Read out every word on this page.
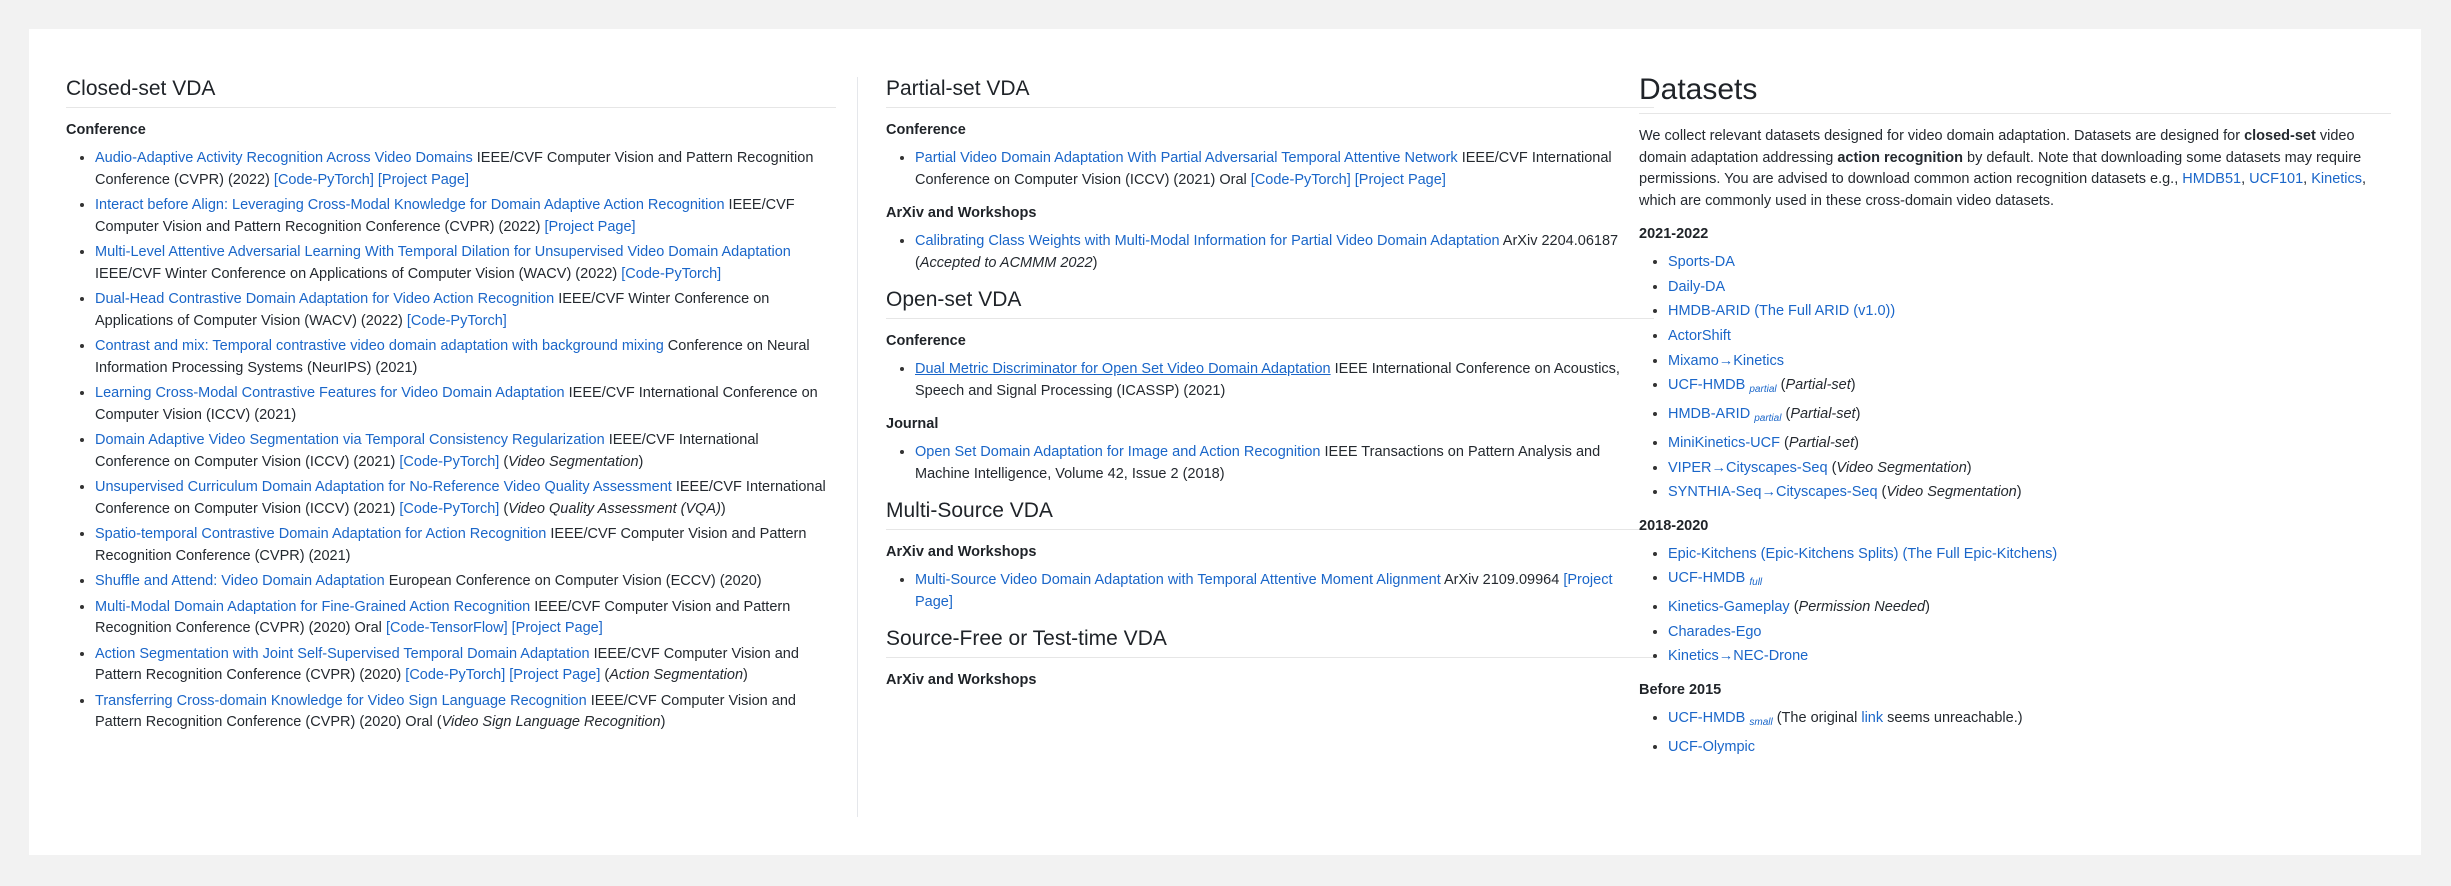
Closed-set VDA
Conference
• Audio-Adaptive Activity Recognition Across Video Domains IEEE/CVF Computer Vision and Pattern Recognition Conference (CVPR) (2022) [Code-PyTorch] [Project Page]
• Interact before Align: Leveraging Cross-Modal Knowledge for Domain Adaptive Action Recognition IEEE/CVF Computer Vision and Pattern Recognition Conference (CVPR) (2022) [Project Page]
• Multi-Level Attentive Adversarial Learning With Temporal Dilation for Unsupervised Video Domain Adaptation IEEE/CVF Winter Conference on Applications of Computer Vision (WACV) (2022) [Code-PyTorch]
• Dual-Head Contrastive Domain Adaptation for Video Action Recognition IEEE/CVF Winter Conference on Applications of Computer Vision (WACV) (2022) [Code-PyTorch]
• Contrast and mix: Temporal contrastive video domain adaptation with background mixing Conference on Neural Information Processing Systems (NeurIPS) (2021)
• Learning Cross-Modal Contrastive Features for Video Domain Adaptation IEEE/CVF International Conference on Computer Vision (ICCV) (2021)
• Domain Adaptive Video Segmentation via Temporal Consistency Regularization IEEE/CVF International Conference on Computer Vision (ICCV) (2021) [Code-PyTorch] (Video Segmentation)
• Unsupervised Curriculum Domain Adaptation for No-Reference Video Quality Assessment IEEE/CVF International Conference on Computer Vision (ICCV) (2021) [Code-PyTorch] (Video Quality Assessment (VQA))
• Spatio-temporal Contrastive Domain Adaptation for Action Recognition IEEE/CVF Computer Vision and Pattern Recognition Conference (CVPR) (2021)
• Shuffle and Attend: Video Domain Adaptation European Conference on Computer Vision (ECCV) (2020)
• Multi-Modal Domain Adaptation for Fine-Grained Action Recognition IEEE/CVF Computer Vision and Pattern Recognition Conference (CVPR) (2020) Oral [Code-TensorFlow] [Project Page]
• Action Segmentation with Joint Self-Supervised Temporal Domain Adaptation IEEE/CVF Computer Vision and Pattern Recognition Conference (CVPR) (2020) [Code-PyTorch] [Project Page] (Action Segmentation)
• Transferring Cross-domain Knowledge for Video Sign Language Recognition IEEE/CVF Computer Vision and Pattern Recognition Conference (CVPR) (2020) Oral (Video Sign Language Recognition)
Partial-set VDA
Conference
• Partial Video Domain Adaptation With Partial Adversarial Temporal Attentive Network IEEE/CVF International Conference on Computer Vision (ICCV) (2021) Oral [Code-PyTorch] [Project Page]
ArXiv and Workshops
• Calibrating Class Weights with Multi-Modal Information for Partial Video Domain Adaptation ArXiv 2204.06187 (Accepted to ACMMM 2022)
Open-set VDA
Conference
• Dual Metric Discriminator for Open Set Video Domain Adaptation IEEE International Conference on Acoustics, Speech and Signal Processing (ICASSP) (2021)
Journal
• Open Set Domain Adaptation for Image and Action Recognition IEEE Transactions on Pattern Analysis and Machine Intelligence, Volume 42, Issue 2 (2018)
Multi-Source VDA
ArXiv and Workshops
• Multi-Source Video Domain Adaptation with Temporal Attentive Moment Alignment ArXiv 2109.09964 [Project Page]
Source-Free or Test-time VDA
ArXiv and Workshops
Datasets

We collect relevant datasets designed for video domain adaptation. Datasets are designed for closed-set video domain adaptation addressing action recognition by default. Note that downloading some datasets may require permissions. You are advised to download common action recognition datasets e.g., HMDB51, UCF101, Kinetics, which are commonly used in these cross-domain video datasets.

2021-2022
• Sports-DA
• Daily-DA
• HMDB-ARID (The Full ARID (v1.0))
• ActorShift
• Mixamo→Kinetics
• UCF-HMDB $_{partial}$ (Partial-set)
• HMDB-ARID $_{partial}$ (Partial-set)
• MiniKinetics-UCF (Partial-set)
• VIPER→Cityscapes-Seq (Video Segmentation)
• SYNTHIA-Seq→Cityscapes-Seq (Video Segmentation)
2018-2020
• Epic-Kitchens (Epic-Kitchens Splits) (The Full Epic-Kitchens)
• UCF-HMDB $_{full}$
• Kinetics-Gameplay (Permission Needed)
• Charades-Ego
• Kinetics→NEC-Drone
Before 2015
• UCF-HMDB $_{small}$ (The original link seems unreachable.)
• UCF-Olympic
